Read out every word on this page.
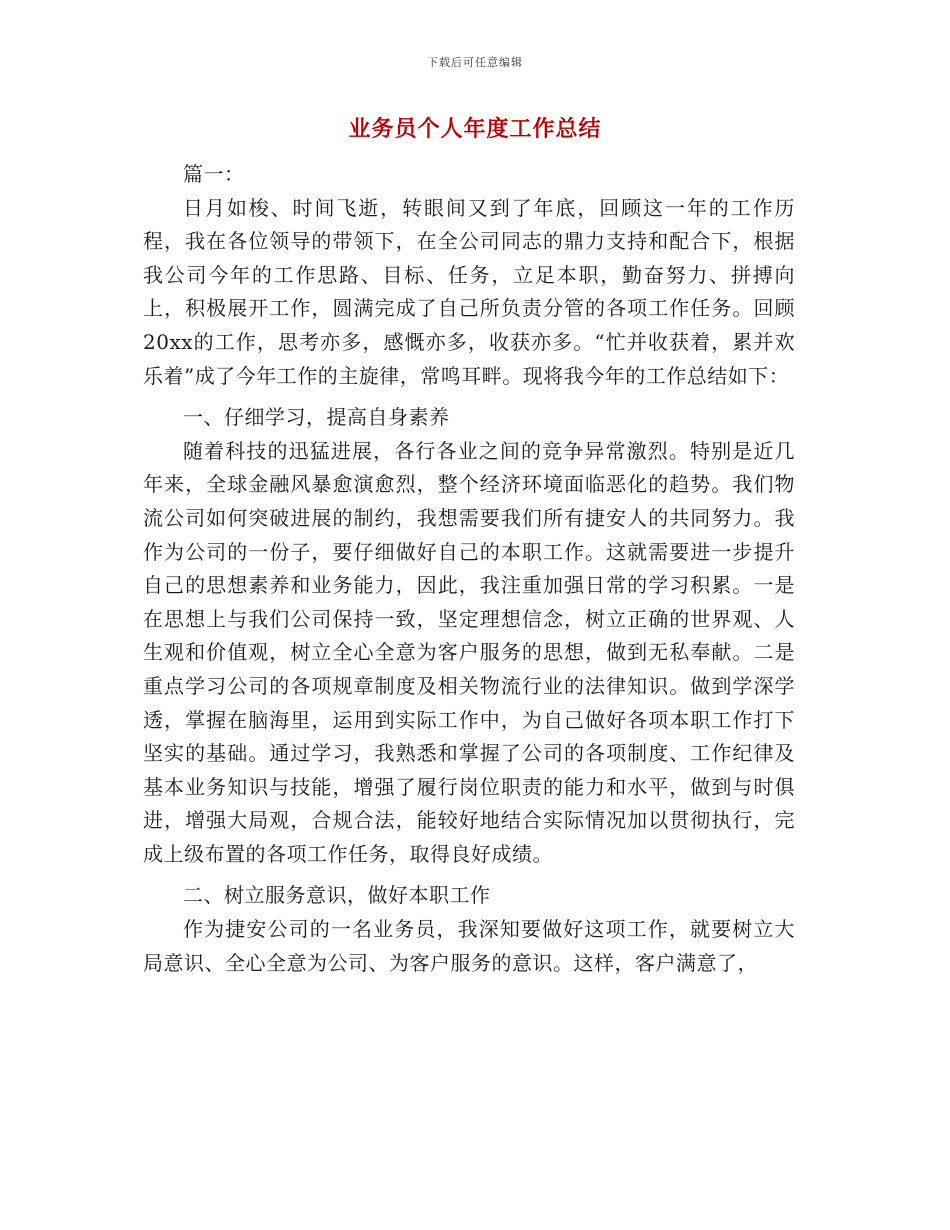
下载后可任意编辑
业务员个人年度工作总结

篇一：

日月如梭、时间飞逝，转眼间又到了年底，回顾这一年的工作历程，我在各位领导的带领下，在全公司同志的鼎力支持和配合下，根据我公司今年的工作思路、目标、任务，立足本职，勤奋努力、拼搏向上，积极展开工作，圆满完成了自己所负责分管的各项工作任务。回顾20xx的工作，思考亦多，感慨亦多，收获亦多。“忙并收获着，累并欢乐着”成了今年工作的主旋律，常鸣耳畔。现将我今年的工作总结如下：

一、仔细学习，提高自身素养

随着科技的迅猛进展，各行各业之间的竞争异常激烈。特别是近几年来，全球金融风暴愈演愈烈，整个经济环境面临恶化的趋势。我们物流公司如何突破进展的制约，我想需要我们所有捷安人的共同努力。我作为公司的一份子，要仔细做好自己的本职工作。这就需要进一步提升自己的思想素养和业务能力，因此，我注重加强日常的学习积累。一是在思想上与我们公司保持一致，坚定理想信念，树立正确的世界观、人生观和价值观，树立全心全意为客户服务的思想，做到无私奉献。二是重点学习公司的各项规章制度及相关物流行业的法律知识。做到学深学透，掌握在脑海里，运用到实际工作中，为自己做好各项本职工作打下坚实的基础。通过学习，我熟悉和掌握了公司的各项制度、工作纪律及基本业务知识与技能，增强了履行岗位职责的能力和水平，做到与时俱进，增强大局观，合规合法，能较好地结合实际情况加以贯彻执行，完成上级布置的各项工作任务，取得良好成绩。

二、树立服务意识，做好本职工作

作为捷安公司的一名业务员，我深知要做好这项工作，就要树立大局意识、全心全意为公司、为客户服务的意识。这样，客户满意了，
